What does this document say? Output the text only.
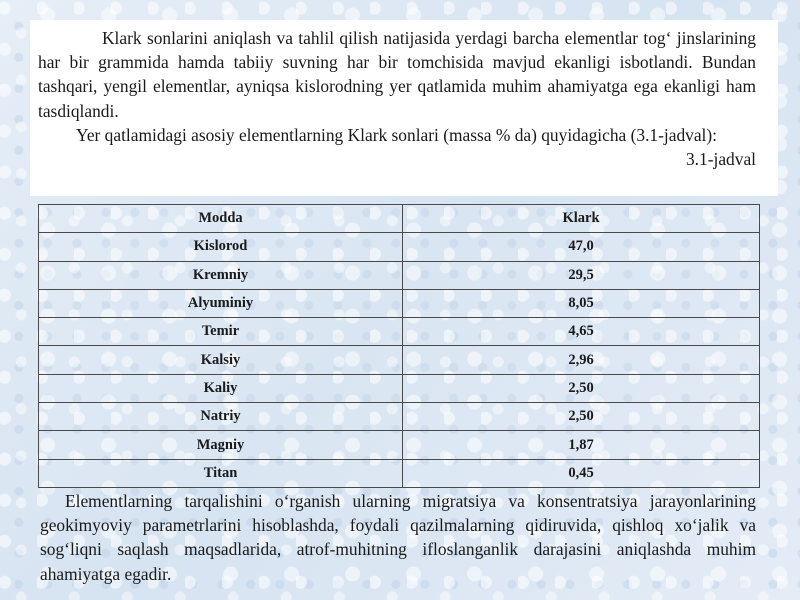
Klark sonlarini aniqlash va tahlil qilish natijasida yerdagi barcha elementlar tog‘ jinslarining har bir grammida hamda tabiiy suvning har bir tomchisida mavjud ekanligi isbotlandi. Bundan tashqari, yengil elementlar, ayniqsa kislorodning yer qatlamida muhim ahamiyatga ega ekanligi ham tasdiqlandi.

Yer qatlamidagi asosiy elementlarning Klark sonlari (massa % da) quyidagicha (3.1-jadval):

3.1-jadval

Modda	Klark
Kislorod	47,0
Kremniy	29,5
Alyuminiy	8,05
Temir	4,65
Kalsiy	2,96
Kaliy	2,50
Natriy	2,50
Magniy	1,87
Titan	0,45

Elementlarning tarqalishini o‘rganish ularning migratsiya va konsentratsiya jarayonlarining geokimyoviy parametrlarini hisoblashda, foydali qazilmalarning qidiruvida, qishloq xo‘jalik va sog‘liqni saqlash maqsadlarida, atrof-muhitning ifloslanganlik darajasini aniqlashda muhim ahamiyatga egadir.
